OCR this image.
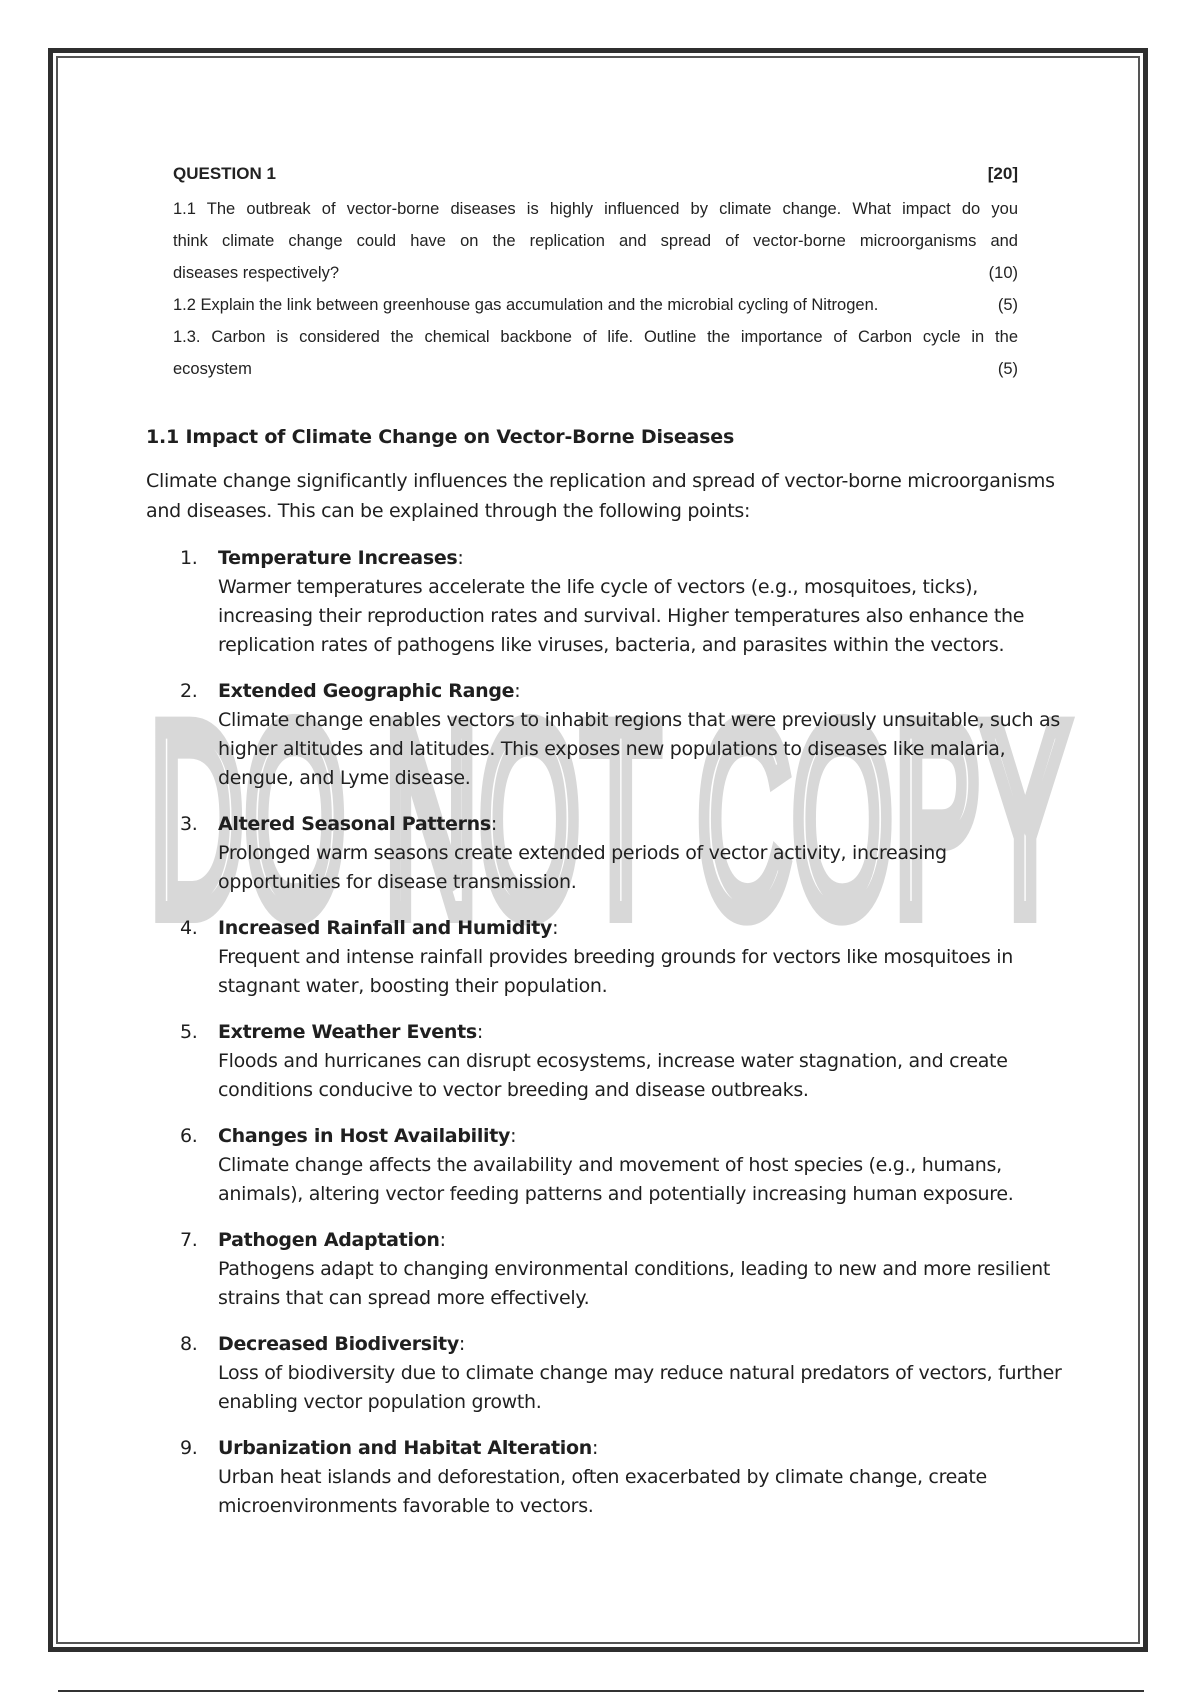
DO NOT COPY
QUESTION 1	[20]
1.1 The outbreak of vector-borne diseases is highly influenced by climate change. What impact do you
think climate change could have on the replication and spread of vector-borne microorganisms and
diseases respectively?	(10)
1.2 Explain the link between greenhouse gas accumulation and the microbial cycling of Nitrogen.	(5)
1.3. Carbon is considered the chemical backbone of life. Outline the importance of Carbon cycle in the
ecosystem	(5)
1.1 Impact of Climate Change on Vector-Borne Diseases

Climate change significantly influences the replication and spread of vector-borne microorganisms and diseases. This can be explained through the following points:

1. Temperature Increases:
Warmer temperatures accelerate the life cycle of vectors (e.g., mosquitoes, ticks), increasing their reproduction rates and survival. Higher temperatures also enhance the replication rates of pathogens like viruses, bacteria, and parasites within the vectors.
2. Extended Geographic Range:
Climate change enables vectors to inhabit regions that were previously unsuitable, such as higher altitudes and latitudes. This exposes new populations to diseases like malaria, dengue, and Lyme disease.
3. Altered Seasonal Patterns:
Prolonged warm seasons create extended periods of vector activity, increasing opportunities for disease transmission.
4. Increased Rainfall and Humidity:
Frequent and intense rainfall provides breeding grounds for vectors like mosquitoes in stagnant water, boosting their population.
5. Extreme Weather Events:
Floods and hurricanes can disrupt ecosystems, increase water stagnation, and create conditions conducive to vector breeding and disease outbreaks.
6. Changes in Host Availability:
Climate change affects the availability and movement of host species (e.g., humans, animals), altering vector feeding patterns and potentially increasing human exposure.
7. Pathogen Adaptation:
Pathogens adapt to changing environmental conditions, leading to new and more resilient strains that can spread more effectively.
8. Decreased Biodiversity:
Loss of biodiversity due to climate change may reduce natural predators of vectors, further enabling vector population growth.
9. Urbanization and Habitat Alteration:
Urban heat islands and deforestation, often exacerbated by climate change, create microenvironments favorable to vectors.
